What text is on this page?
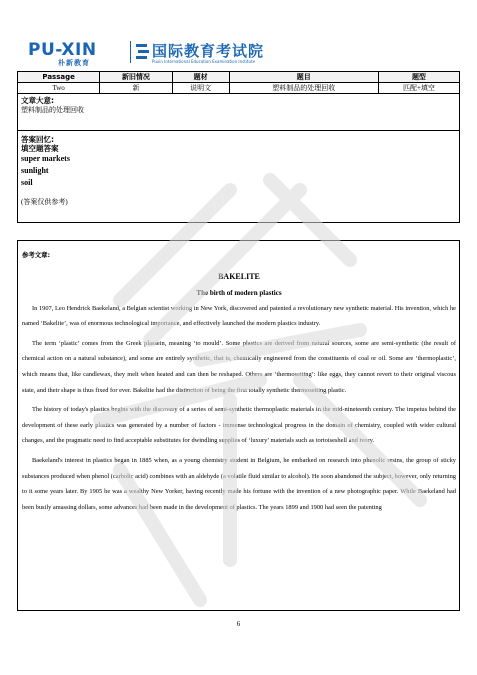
PU-XIN
朴新教育
国际教育考试院
Puxin International Education Examination Institute
Passage	新旧情况	题材	题目	题型
Two	新	说明文	塑料制品的处理回收	匹配+填空

文章大意:

塑料制品的处理回收

答案回忆:

填空题答案

super markets

sunlight

soil

(答案仅供参考)

参考文章:

BAKELITE
The birth of modern plastics

In 1907, Leo Hendrick Baekeland, a Belgian scientist working in New York, discovered and patented a revolutionary new synthetic material. His invention, which he named ‘Bakelite’, was of enormous technological importance, and effectively launched the modern plastics industry.

The term ‘plastic’ comes from the Greek plassein, meaning ‘to mould’. Some plastics are derived from natural sources, some are semi-synthetic (the result of chemical action on a natural substance), and some are entirely synthetic, that is, chemically engineered from the constituents of coal or oil. Some are ‘thermoplastic’, which means that, like candlewax, they melt when heated and can then be reshaped. Others are ‘thermosetting’: like eggs, they cannot revert to their original viscous state, and their shape is thus fixed for ever. Bakelite had the distinction of being the first totally synthetic thermosetting plastic.

The history of today's plastics begins with the discovery of a series of semi-synthetic thermoplastic materials in the mid-nineteenth century. The impetus behind the development of these early plastics was generated by a number of factors - immense technological progress in the domain of chemistry, coupled with wider cultural changes, and the pragmatic need to find acceptable substitutes for dwindling supplies of ‘luxury’ materials such as tortoiseshell and ivory.

Baekeland's interest in plastics began in 1885 when, as a young chemistry student in Belgium, he embarked on research into phenolic resins, the group of sticky substances produced when phenol (carbolic acid) combines with an aldehyde (a volatile fluid similar to alcohol). He soon abandoned the subject, however, only returning to it some years later. By 1905 he was a wealthy New Yorker, having recently made his fortune with the invention of a new photographic paper. While Baekeland had been busily amassing dollars, some advances had been made in the development of plastics. The years 1899 and 1900 had seen the patenting

6
